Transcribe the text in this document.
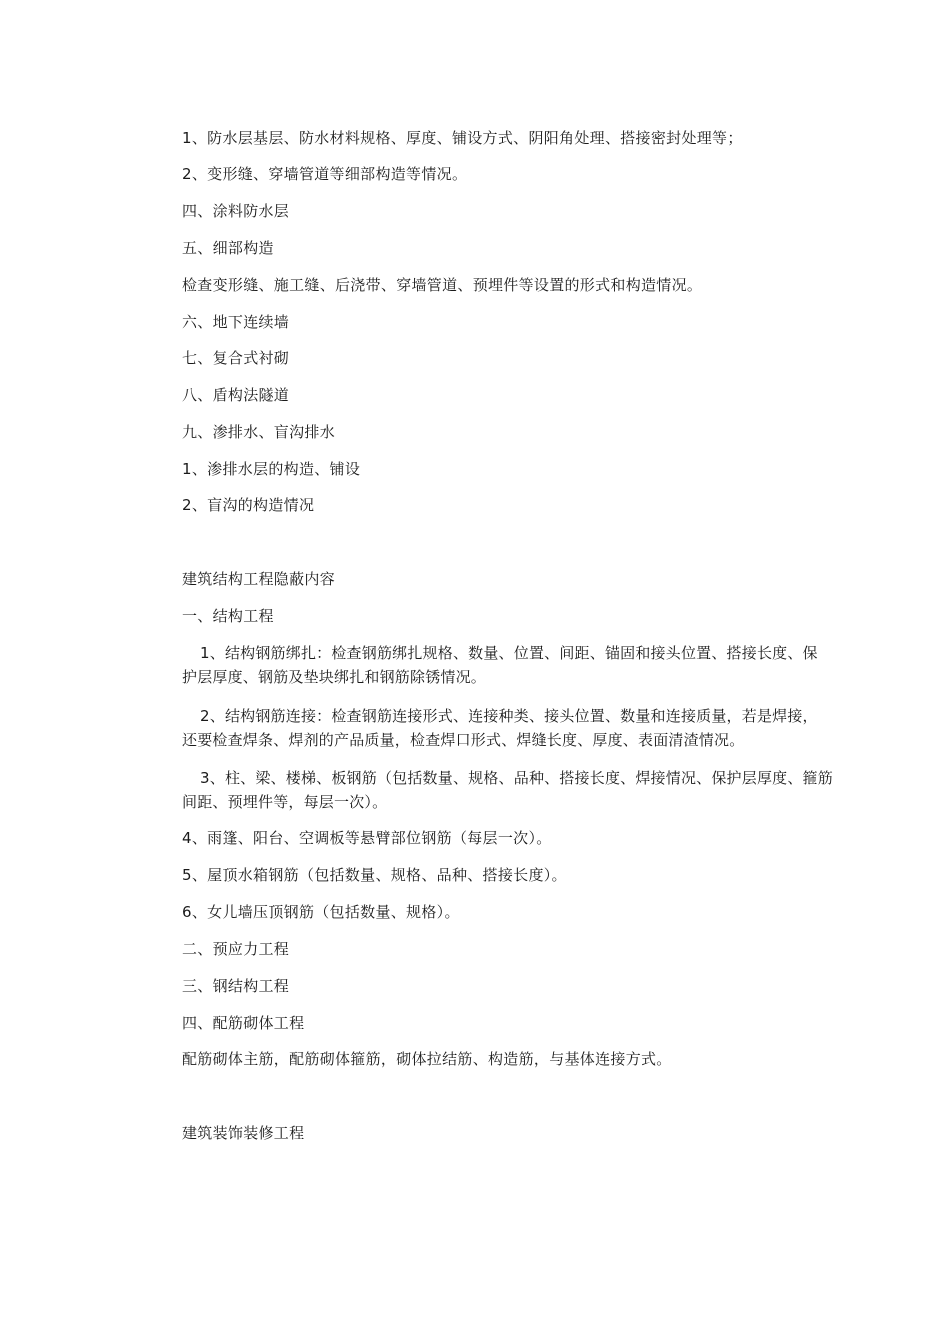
1、防水层基层、防水材料规格、厚度、铺设方式、阴阳角处理、搭接密封处理等；
2、变形缝、穿墙管道等细部构造等情况。
四、涂料防水层
五、细部构造
检查变形缝、施工缝、后浇带、穿墙管道、预埋件等设置的形式和构造情况。
六、地下连续墙
七、复合式衬砌
八、盾构法隧道
九、渗排水、盲沟排水
1、渗排水层的构造、铺设
2、盲沟的构造情况
建筑结构工程隐蔽内容
一、结构工程
1、结构钢筋绑扎：检查钢筋绑扎规格、数量、位置、间距、锚固和接头位置、搭接长度、保
护层厚度、钢筋及垫块绑扎和钢筋除锈情况。
2、结构钢筋连接：检查钢筋连接形式、连接种类、接头位置、数量和连接质量，若是焊接，
还要检查焊条、焊剂的产品质量，检查焊口形式、焊缝长度、厚度、表面清渣情况。
3、柱、梁、楼梯、板钢筋（包括数量、规格、品种、搭接长度、焊接情况、保护层厚度、箍筋
间距、预埋件等，每层一次）。
4、雨篷、阳台、空调板等悬臂部位钢筋（每层一次）。
5、屋顶水箱钢筋（包括数量、规格、品种、搭接长度）。
6、女儿墙压顶钢筋（包括数量、规格）。
二、预应力工程
三、钢结构工程
四、配筋砌体工程
配筋砌体主筋，配筋砌体箍筋，砌体拉结筋、构造筋，与基体连接方式。
建筑装饰装修工程
